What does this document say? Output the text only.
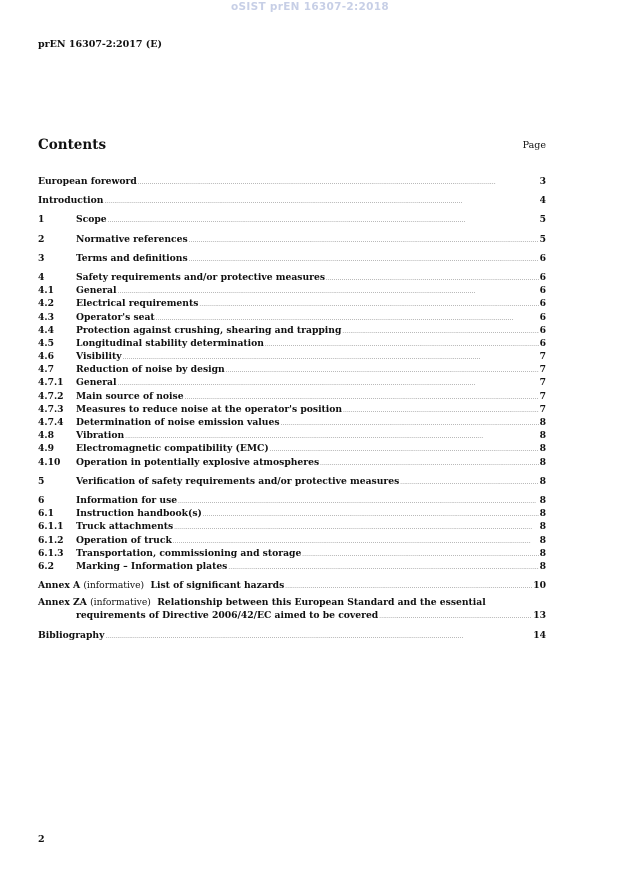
oSIST prEN 16307-2:2018
prEN 16307-2:2017 (E)
Contents	Page
European foreword . . .	3
Introduction . . .	4
1	Scope . . .	5
2	Normative references . . .	5
3	Terms and definitions . . .	6
4	Safety requirements and/or protective measures . . .	6
4.1	General . . .	6
4.2	Electrical requirements . . .	6
4.3	Operator's seat . . .	6
4.4	Protection against crushing, shearing and trapping . . .	6
4.5	Longitudinal stability determination . . .	6
4.6	Visibility . . .	7
4.7	Reduction of noise by design . . .	7
4.7.1	General . . .	7
4.7.2	Main source of noise . . .	7
4.7.3	Measures to reduce noise at the operator's position . . .	7
4.7.4	Determination of noise emission values . . .	8
4.8	Vibration . . .	8
4.9	Electromagnetic compatibility (EMC) . . .	8
4.10	Operation in potentially explosive atmospheres . . .	8
5	Verification of safety requirements and/or protective measures . . .	8
6	Information for use . . .	8
6.1	Instruction handbook(s) . . .	8
6.1.1	Truck attachments . . .	8
6.1.2	Operation of truck . . .	8
6.1.3	Transportation, commissioning and storage . . .	8
6.2	Marking – Information plates . . .	8
Annex A (informative) List of significant hazards . . .	10
Annex ZA (informative) Relationship between this European Standard and the essential
requirements of Directive 2006/42/EC aimed to be covered . . .	13
Bibliography . . .	14
2
